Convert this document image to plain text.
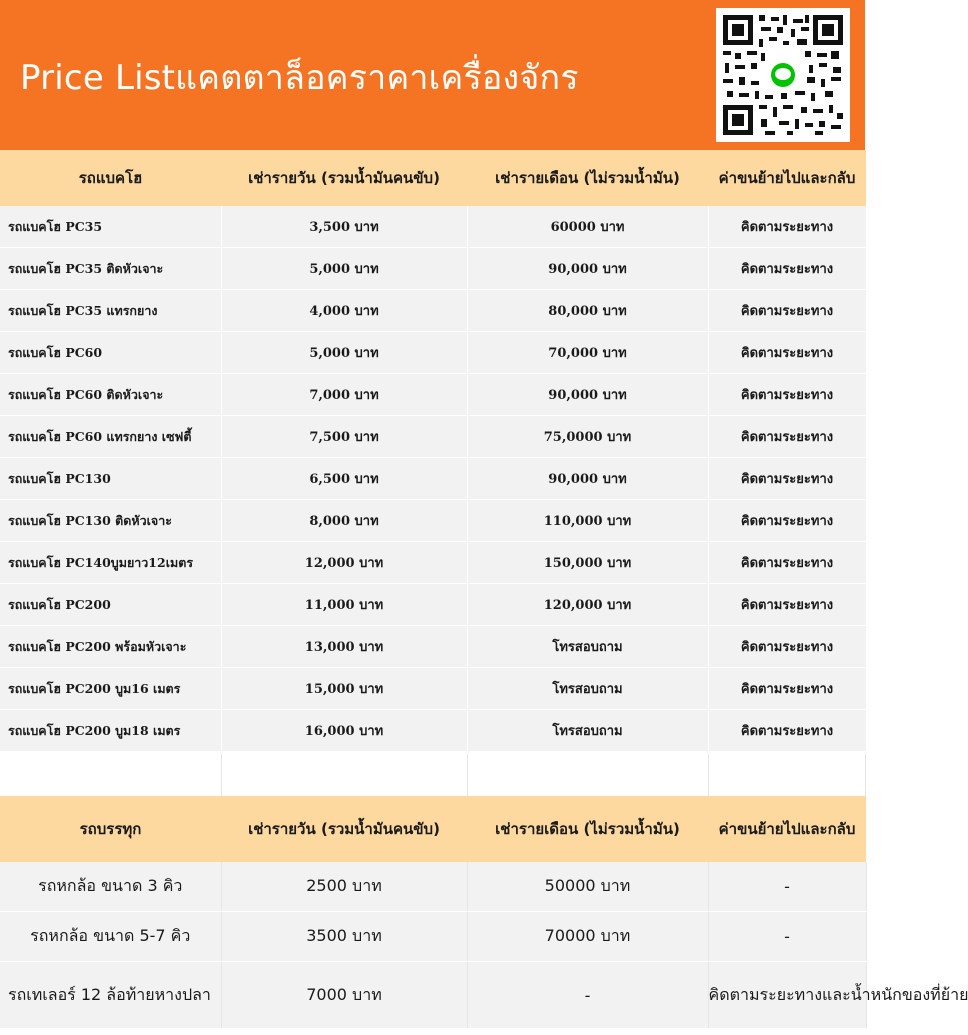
Price Listแคตตาล็อคราคาเครื่องจักร
รถแบคโฮ	เช่ารายวัน (รวมน้ำมันคนขับ)	เช่ารายเดือน (ไม่รวมน้ำมัน)	ค่าขนย้ายไปและกลับ
รถแบคโฮ PC35	3,500 บาท	60000 บาท	คิดตามระยะทาง
รถแบคโฮ PC35 ติดหัวเจาะ	5,000 บาท	90,000 บาท	คิดตามระยะทาง
รถแบคโฮ PC35 แทรกยาง	4,000 บาท	80,000 บาท	คิดตามระยะทาง
รถแบคโฮ PC60	5,000 บาท	70,000 บาท	คิดตามระยะทาง
รถแบคโฮ PC60 ติดหัวเจาะ	7,000 บาท	90,000 บาท	คิดตามระยะทาง
รถแบคโฮ PC60 แทรกยาง เซฟตี้	7,500 บาท	75,0000 บาท	คิดตามระยะทาง
รถแบคโฮ PC130	6,500 บาท	90,000 บาท	คิดตามระยะทาง
รถแบคโฮ PC130 ติดหัวเจาะ	8,000 บาท	110,000 บาท	คิดตามระยะทาง
รถแบคโฮ PC140บูมยาว12เมตร	12,000 บาท	150,000 บาท	คิดตามระยะทาง
รถแบคโฮ PC200	11,000 บาท	120,000 บาท	คิดตามระยะทาง
รถแบคโฮ PC200 พร้อมหัวเจาะ	13,000 บาท	โทรสอบถาม	คิดตามระยะทาง
รถแบคโฮ PC200 บูม16 เมตร	15,000 บาท	โทรสอบถาม	คิดตามระยะทาง
รถแบคโฮ PC200 บูม18 เมตร	16,000 บาท	โทรสอบถาม	คิดตามระยะทาง
รถบรรทุก	เช่ารายวัน (รวมน้ำมันคนขับ)	เช่ารายเดือน (ไม่รวมน้ำมัน)	ค่าขนย้ายไปและกลับ
รถหกล้อ ขนาด 3 คิว	2500 บาท	50000 บาท	-
รถหกล้อ ขนาด 5-7 คิว	3500 บาท	70000 บาท	-
รถเทเลอร์ 12 ล้อท้ายหางปลา	7000 บาท	-	คิดตามระยะทางและน้ำหนักของที่ย้าย
